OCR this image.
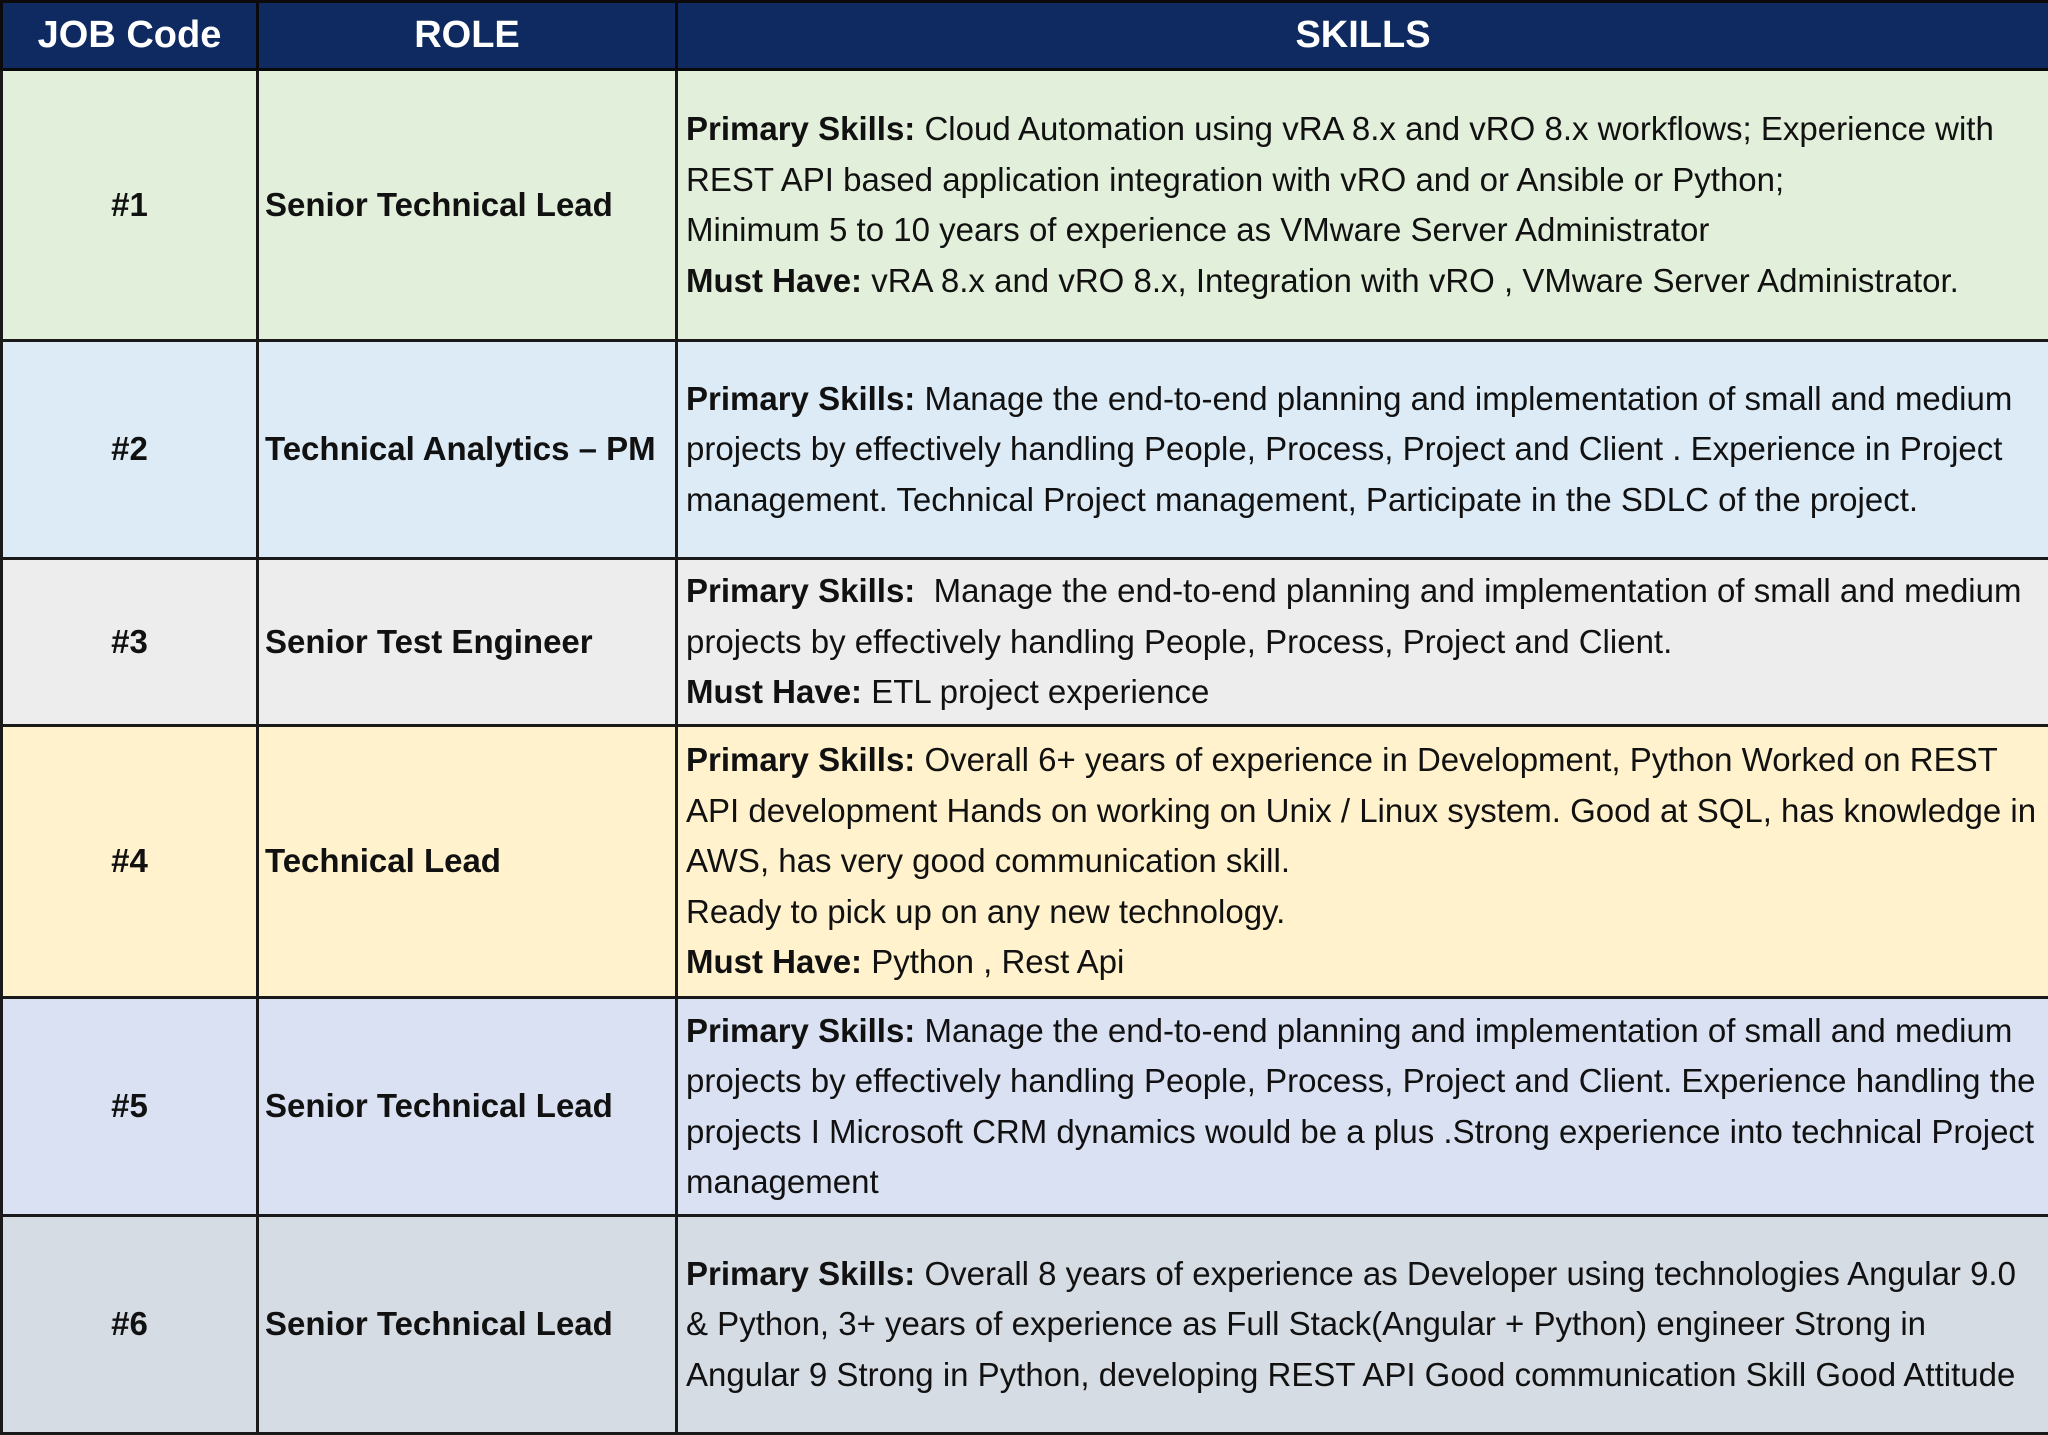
JOB Code	ROLE	SKILLS
#1	Senior Technical Lead	Primary Skills: Cloud Automation using vRA 8.x and vRO 8.x workflows; Experience with
REST API based application integration with vRO and or Ansible or Python;
Minimum 5 to 10 years of experience as VMware Server Administrator
Must Have: vRA 8.x and vRO 8.x, Integration with vRO , VMware Server Administrator.

#2	Technical Analytics – PM	Primary Skills: Manage the end-to-end planning and implementation of small and medium projects by effectively handling People, Process, Project and Client . Experience in Project management. Technical Project management, Participate in the SDLC of the project.

#3	Senior Test Engineer	Primary Skills: Manage the end-to-end planning and implementation of small and medium projects by effectively handling People, Process, Project and Client.
Must Have: ETL project experience

#4	Technical Lead	Primary Skills: Overall 6+ years of experience in Development, Python Worked on REST API development Hands on working on Unix / Linux system. Good at SQL, has knowledge in AWS, has very good communication skill.
Ready to pick up on any new technology.
Must Have: Python , Rest Api

#5	Senior Technical Lead	Primary Skills: Manage the end-to-end planning and implementation of small and medium projects by effectively handling People, Process, Project and Client. Experience handling the projects I Microsoft CRM dynamics would be a plus .Strong experience into technical Project management

#6	Senior Technical Lead	Primary Skills: Overall 8 years of experience as Developer using technologies Angular 9.0 & Python, 3+ years of experience as Full Stack(Angular + Python) engineer Strong in Angular 9 Strong in Python, developing REST API Good communication Skill Good Attitude
